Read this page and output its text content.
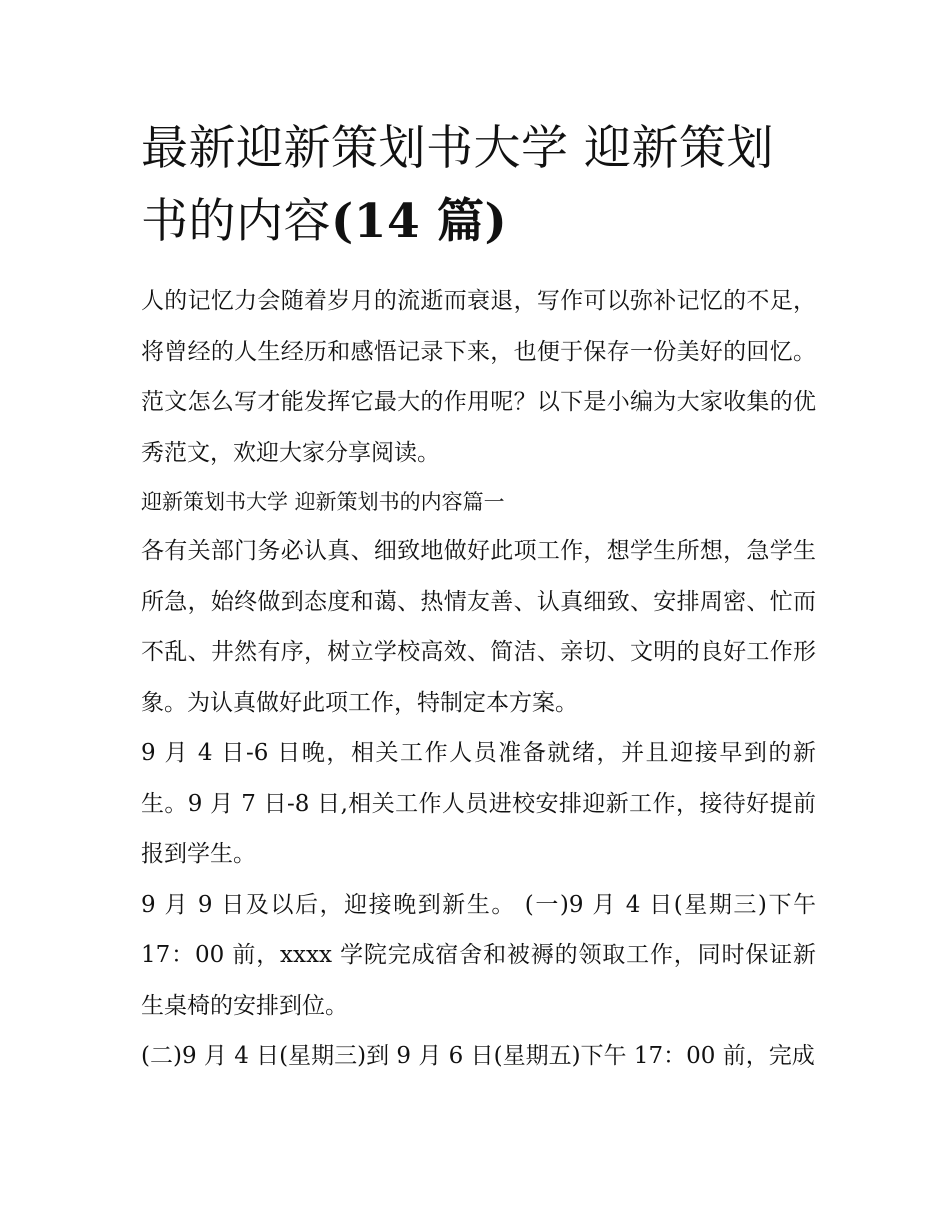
最新迎新策划书大学 迎新策划书的内容(14 篇)

人的记忆力会随着岁月的流逝而衰退，写作可以弥补记忆的不足，将曾经的人生经历和感悟记录下来，也便于保存一份美好的回忆。范文怎么写才能发挥它最大的作用呢？以下是小编为大家收集的优秀范文，欢迎大家分享阅读。

迎新策划书大学 迎新策划书的内容篇一

各有关部门务必认真、细致地做好此项工作，想学生所想，急学生所急，始终做到态度和蔼、热情友善、认真细致、安排周密、忙而不乱、井然有序，树立学校高效、简洁、亲切、文明的良好工作形象。为认真做好此项工作，特制定本方案。

9 月 4 日-6 日晚，相关工作人员准备就绪，并且迎接早到的新生。9 月 7 日-8 日,相关工作人员进校安排迎新工作，接待好提前报到学生。

9 月 9 日及以后，迎接晚到新生。 (一)9 月 4 日(星期三)下午 17：00 前，xxxx 学院完成宿舍和被褥的领取工作，同时保证新生桌椅的安排到位。

(二)9 月 4 日(星期三)到 9 月 6 日(星期五)下午 17：00 前，完成
